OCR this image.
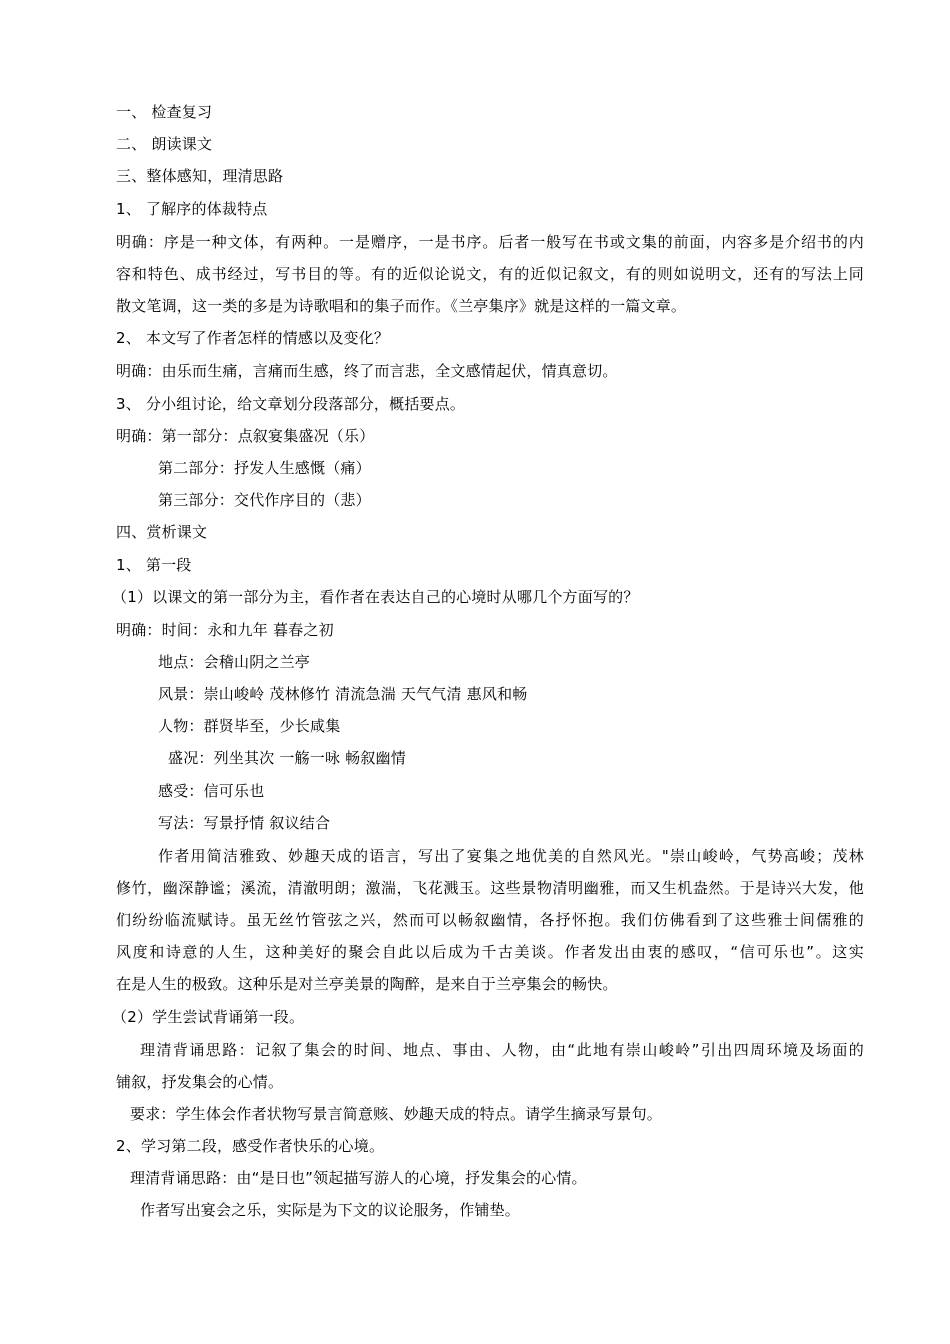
一、 检查复习
二、 朗读课文
三、整体感知，理清思路
1、 了解序的体裁特点
明确：序是一种文体，有两种。一是赠序，一是书序。后者一般写在书或文集的前面，内容多是介绍书的内
容和特色、成书经过，写书目的等。有的近似论说文，有的近似记叙文，有的则如说明文，还有的写法上同
散文笔调，这一类的多是为诗歌唱和的集子而作。《兰亭集序》就是这样的一篇文章。
2、 本文写了作者怎样的情感以及变化？
明确：由乐而生痛，言痛而生感，终了而言悲，全文感情起伏，情真意切。
3、 分小组讨论，给文章划分段落部分，概括要点。
明确：第一部分：点叙宴集盛况（乐）
第二部分：抒发人生感慨（痛）
第三部分：交代作序目的（悲）
四、赏析课文
1、 第一段
（1）以课文的第一部分为主，看作者在表达自己的心境时从哪几个方面写的？
明确：时间：永和九年 暮春之初
地点：会稽山阴之兰亭
风景：崇山峻岭 茂林修竹 清流急湍 天气气清 惠风和畅
人物：群贤毕至，少长咸集
盛况：列坐其次 一觞一咏 畅叙幽情
感受：信可乐也
写法：写景抒情 叙议结合
作者用简洁雅致、妙趣天成的语言，写出了宴集之地优美的自然风光。"崇山峻岭，气势高峻；茂林
修竹，幽深静谧；溪流，清澈明朗；激湍，飞花溅玉。这些景物清明幽雅，而又生机盎然。于是诗兴大发，他
们纷纷临流赋诗。虽无丝竹管弦之兴，然而可以畅叙幽情，各抒怀抱。我们仿佛看到了这些雅士间儒雅的
风度和诗意的人生，这种美好的聚会自此以后成为千古美谈。作者发出由衷的感叹，“信可乐也”。这实
在是人生的极致。这种乐是对兰亭美景的陶醉，是来自于兰亭集会的畅快。
（2）学生尝试背诵第一段。
理清背诵思路：记叙了集会的时间、地点、事由、人物，由“此地有崇山峻岭”引出四周环境及场面的
铺叙，抒发集会的心情。
要求：学生体会作者状物写景言简意赅、妙趣天成的特点。请学生摘录写景句。
2、学习第二段，感受作者快乐的心境。
理清背诵思路：由“是日也”领起描写游人的心境，抒发集会的心情。
作者写出宴会之乐，实际是为下文的议论服务，作铺垫。
